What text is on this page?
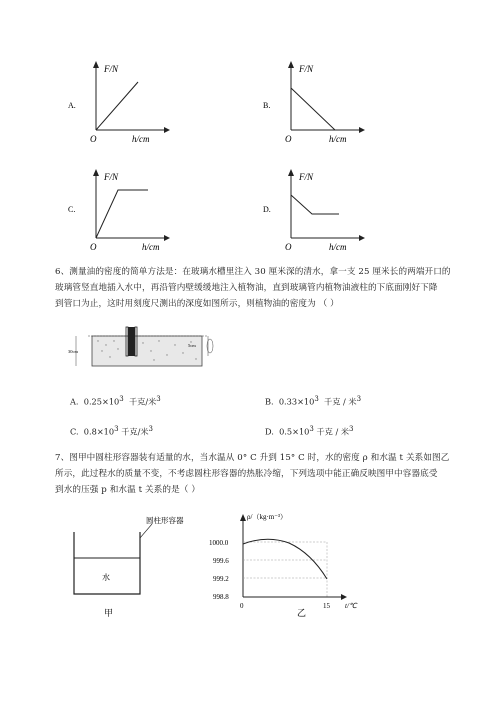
A.
F/N
O	h/cm
B.
F/N
O	h/cm
C.
F/N
O	h/cm
D.
F/N
O	h/cm
6、测量油的密度的简单方法是：在玻璃水槽里注入 30 厘米深的清水，拿一支 25 厘米长的两端开口的
玻璃管竖直地插入水中，再沿管内壁缓缓地注入植物油，直到玻璃管内植物油液柱的下底面刚好下降
到管口为止，这时用刻度尺测出的深度如图所示，则植物油的密度为 （ ）
30cm
5cm
A. $0.25\times 10^3$ 千克/米$^3$	B. $0.33\times 10^3$ 千克 / 米$^3$
C. $0.8\times 10^3$ 千克/米$^3$	D. $0.5\times 10^3$ 千克 / 米$^3$
7、图甲中圆柱形容器装有适量的水，当水温从 0° C 升到 15° C 时，水的密度 ρ 和水温 t 关系如图乙
所示，此过程水的质量不变，不考虑圆柱形容器的热胀冷缩，下列选项中能正确反映图甲中容器底受
到水的压强 p 和水温 t 关系的是（ ）
圆柱形容器
水
甲
ρ/（kg·m⁻³）
1000.0
999.6
999.2
998.8
0	15 t/℃
乙
